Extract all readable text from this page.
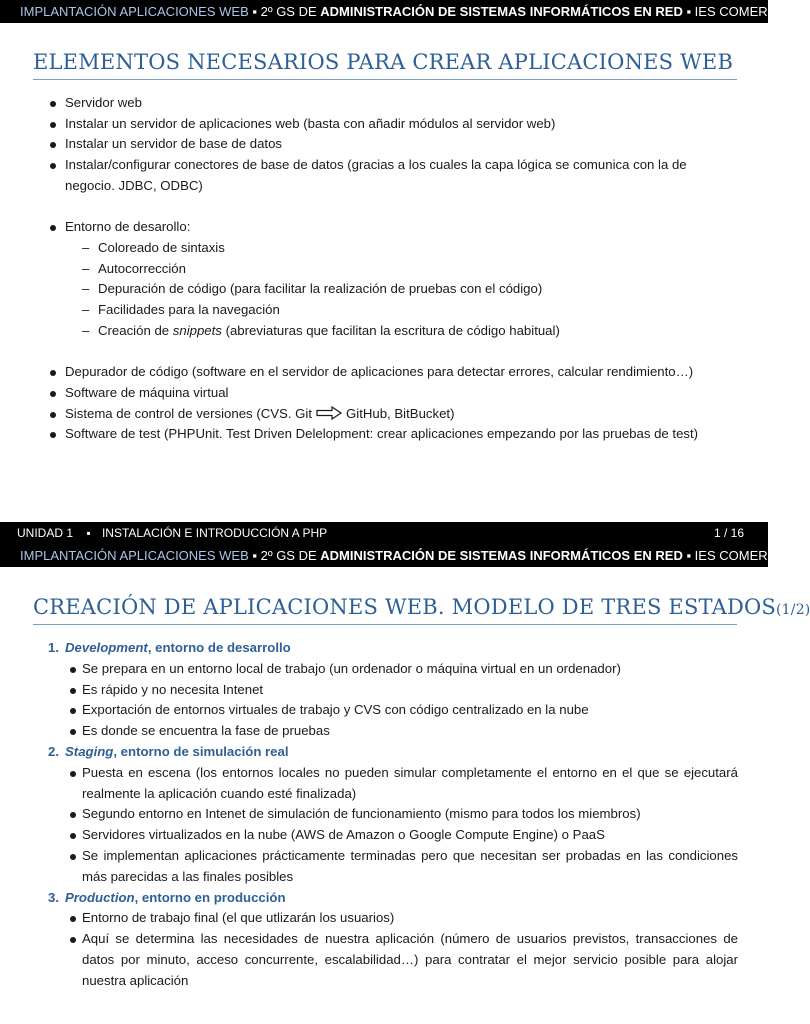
IMPLANTACIÓN APLICACIONES WEB ▪ 2º GS DE ADMINISTRACIÓN DE SISTEMAS INFORMÁTICOS EN RED ▪ IES COMERCIO
ELEMENTOS NECESARIOS PARA CREAR APLICACIONES WEB
Servidor web
Instalar un servidor de aplicaciones web (basta con añadir módulos al servidor web)
Instalar un servidor de base de datos
Instalar/configurar conectores de base de datos (gracias a los cuales la capa lógica se comunica con la de negocio. JDBC, ODBC)
Entorno de desarollo:
– Coloreado de sintaxis
– Autocorrección
– Depuración de código (para facilitar la realización de pruebas con el código)
– Facilidades para la navegación
– Creación de snippets (abreviaturas que facilitan la escritura de código habitual)
Depurador de código (software en el servidor de aplicaciones para detectar errores, calcular rendimiento…)
Software de máquina virtual
Sistema de control de versiones (CVS. Git	GitHub, BitBucket)
Software de test (PHPUnit. Test Driven Delelopment: crear aplicaciones empezando por las pruebas de test)
UNIDAD 1 ▪ INSTALACIÓN E INTRODUCCIÓN A PHP	1 / 16
IMPLANTACIÓN APLICACIONES WEB ▪ 2º GS DE ADMINISTRACIÓN DE SISTEMAS INFORMÁTICOS EN RED ▪ IES COMERCIO
CREACIÓN DE APLICACIONES WEB. MODELO DE TRES ESTADOS(1/2)
1. Development, entorno de desarrollo
Se prepara en un entorno local de trabajo (un ordenador o máquina virtual en un ordenador)
Es rápido y no necesita Intenet
Exportación de entornos virtuales de trabajo y CVS con código centralizado en la nube
Es donde se encuentra la fase de pruebas
2. Staging, entorno de simulación real
Puesta en escena (los entornos locales no pueden simular completamente el entorno en el que se ejecutará realmente la aplicación cuando esté finalizada)
Segundo entorno en Intenet de simulación de funcionamiento (mismo para todos los miembros)
Servidores virtualizados en la nube (AWS de Amazon o Google Compute Engine) o PaaS
Se implementan aplicaciones prácticamente terminadas pero que necesitan ser probadas en las condiciones más parecidas a las finales posibles
3. Production, entorno en producción
Entorno de trabajo final (el que utlizarán los usuarios)
Aquí se determina las necesidades de nuestra aplicación (número de usuarios previstos, transacciones de datos por minuto, acceso concurrente, escalabilidad…) para contratar el mejor servicio posible para alojar nuestra aplicación
